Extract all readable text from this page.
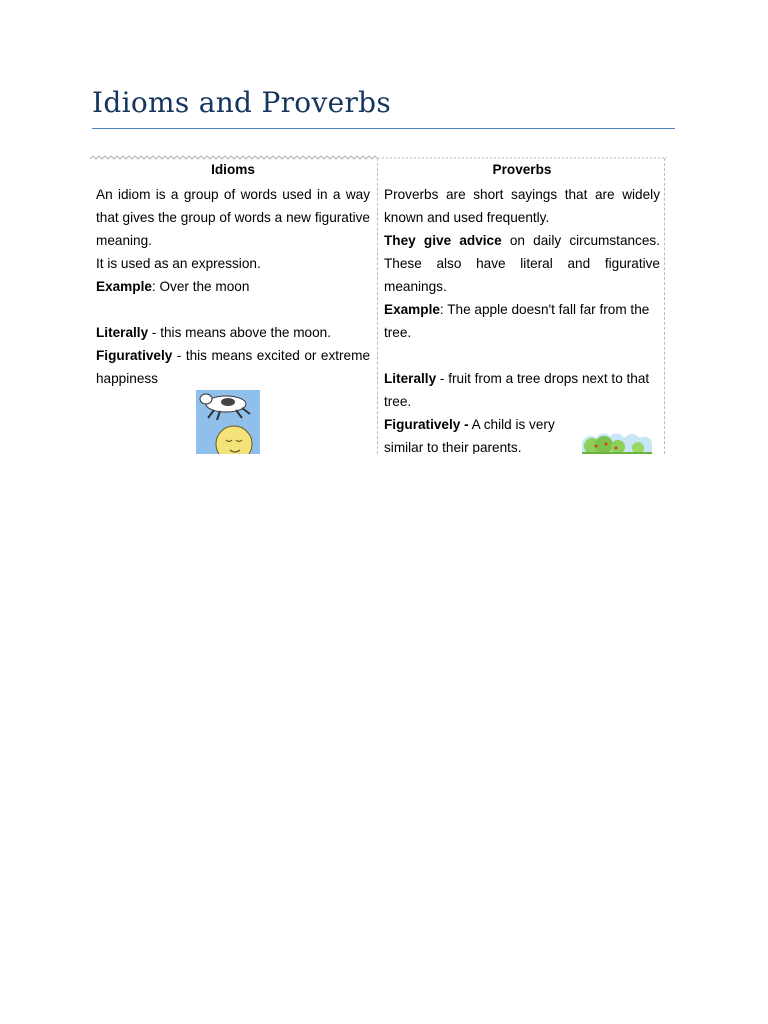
Idioms and Proverbs
Idioms

An idiom is a group of words used in a way that gives the group of words a new figurative meaning.

It is used as an expression.

Example: Over the moon

Literally - this means above the moon.

Figuratively - this means excited or extreme happiness

Proverbs

Proverbs are short sayings that are widely known and used frequently.

They give advice on daily circumstances. These also have literal and figurative meanings.

Example: The apple doesn't fall far from the tree.

Literally - fruit from a tree drops next to that tree.

Figuratively - A child is very similar to their parents.
